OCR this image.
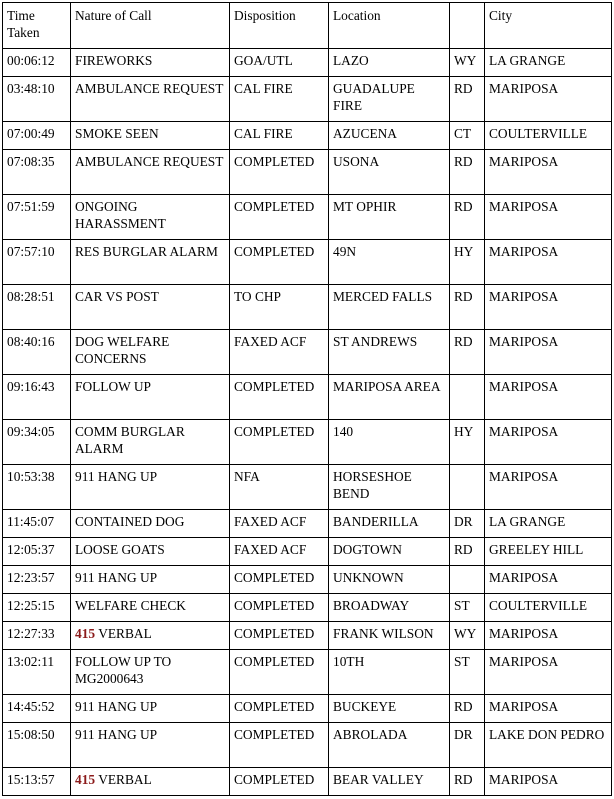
Time Taken	Nature of Call	Disposition	Location		City
00:06:12	FIREWORKS	GOA/UTL	LAZO	WY	LA GRANGE
03:48:10	AMBULANCE REQUEST	CAL FIRE	GUADALUPE FIRE	RD	MARIPOSA
07:00:49	SMOKE SEEN	CAL FIRE	AZUCENA	CT	COULTERVILLE
07:08:35	AMBULANCE REQUEST	COMPLETED	USONA	RD	MARIPOSA
07:51:59	ONGOING HARASSMENT	COMPLETED	MT OPHIR	RD	MARIPOSA
07:57:10	RES BURGLAR ALARM	COMPLETED	49N	HY	MARIPOSA
08:28:51	CAR VS POST	TO CHP	MERCED FALLS	RD	MARIPOSA
08:40:16	DOG WELFARE CONCERNS	FAXED ACF	ST ANDREWS	RD	MARIPOSA
09:16:43	FOLLOW UP	COMPLETED	MARIPOSA AREA		MARIPOSA
09:34:05	COMM BURGLAR ALARM	COMPLETED	140	HY	MARIPOSA
10:53:38	911 HANG UP	NFA	HORSESHOE BEND		MARIPOSA
11:45:07	CONTAINED DOG	FAXED ACF	BANDERILLA	DR	LA GRANGE
12:05:37	LOOSE GOATS	FAXED ACF	DOGTOWN	RD	GREELEY HILL
12:23:57	911 HANG UP	COMPLETED	UNKNOWN		MARIPOSA
12:25:15	WELFARE CHECK	COMPLETED	BROADWAY	ST	COULTERVILLE
12:27:33	415 VERBAL	COMPLETED	FRANK WILSON	WY	MARIPOSA
13:02:11	FOLLOW UP TO MG2000643	COMPLETED	10TH	ST	MARIPOSA
14:45:52	911 HANG UP	COMPLETED	BUCKEYE	RD	MARIPOSA
15:08:50	911 HANG UP	COMPLETED	ABROLADA	DR	LAKE DON PEDRO
15:13:57	415 VERBAL	COMPLETED	BEAR VALLEY	RD	MARIPOSA
